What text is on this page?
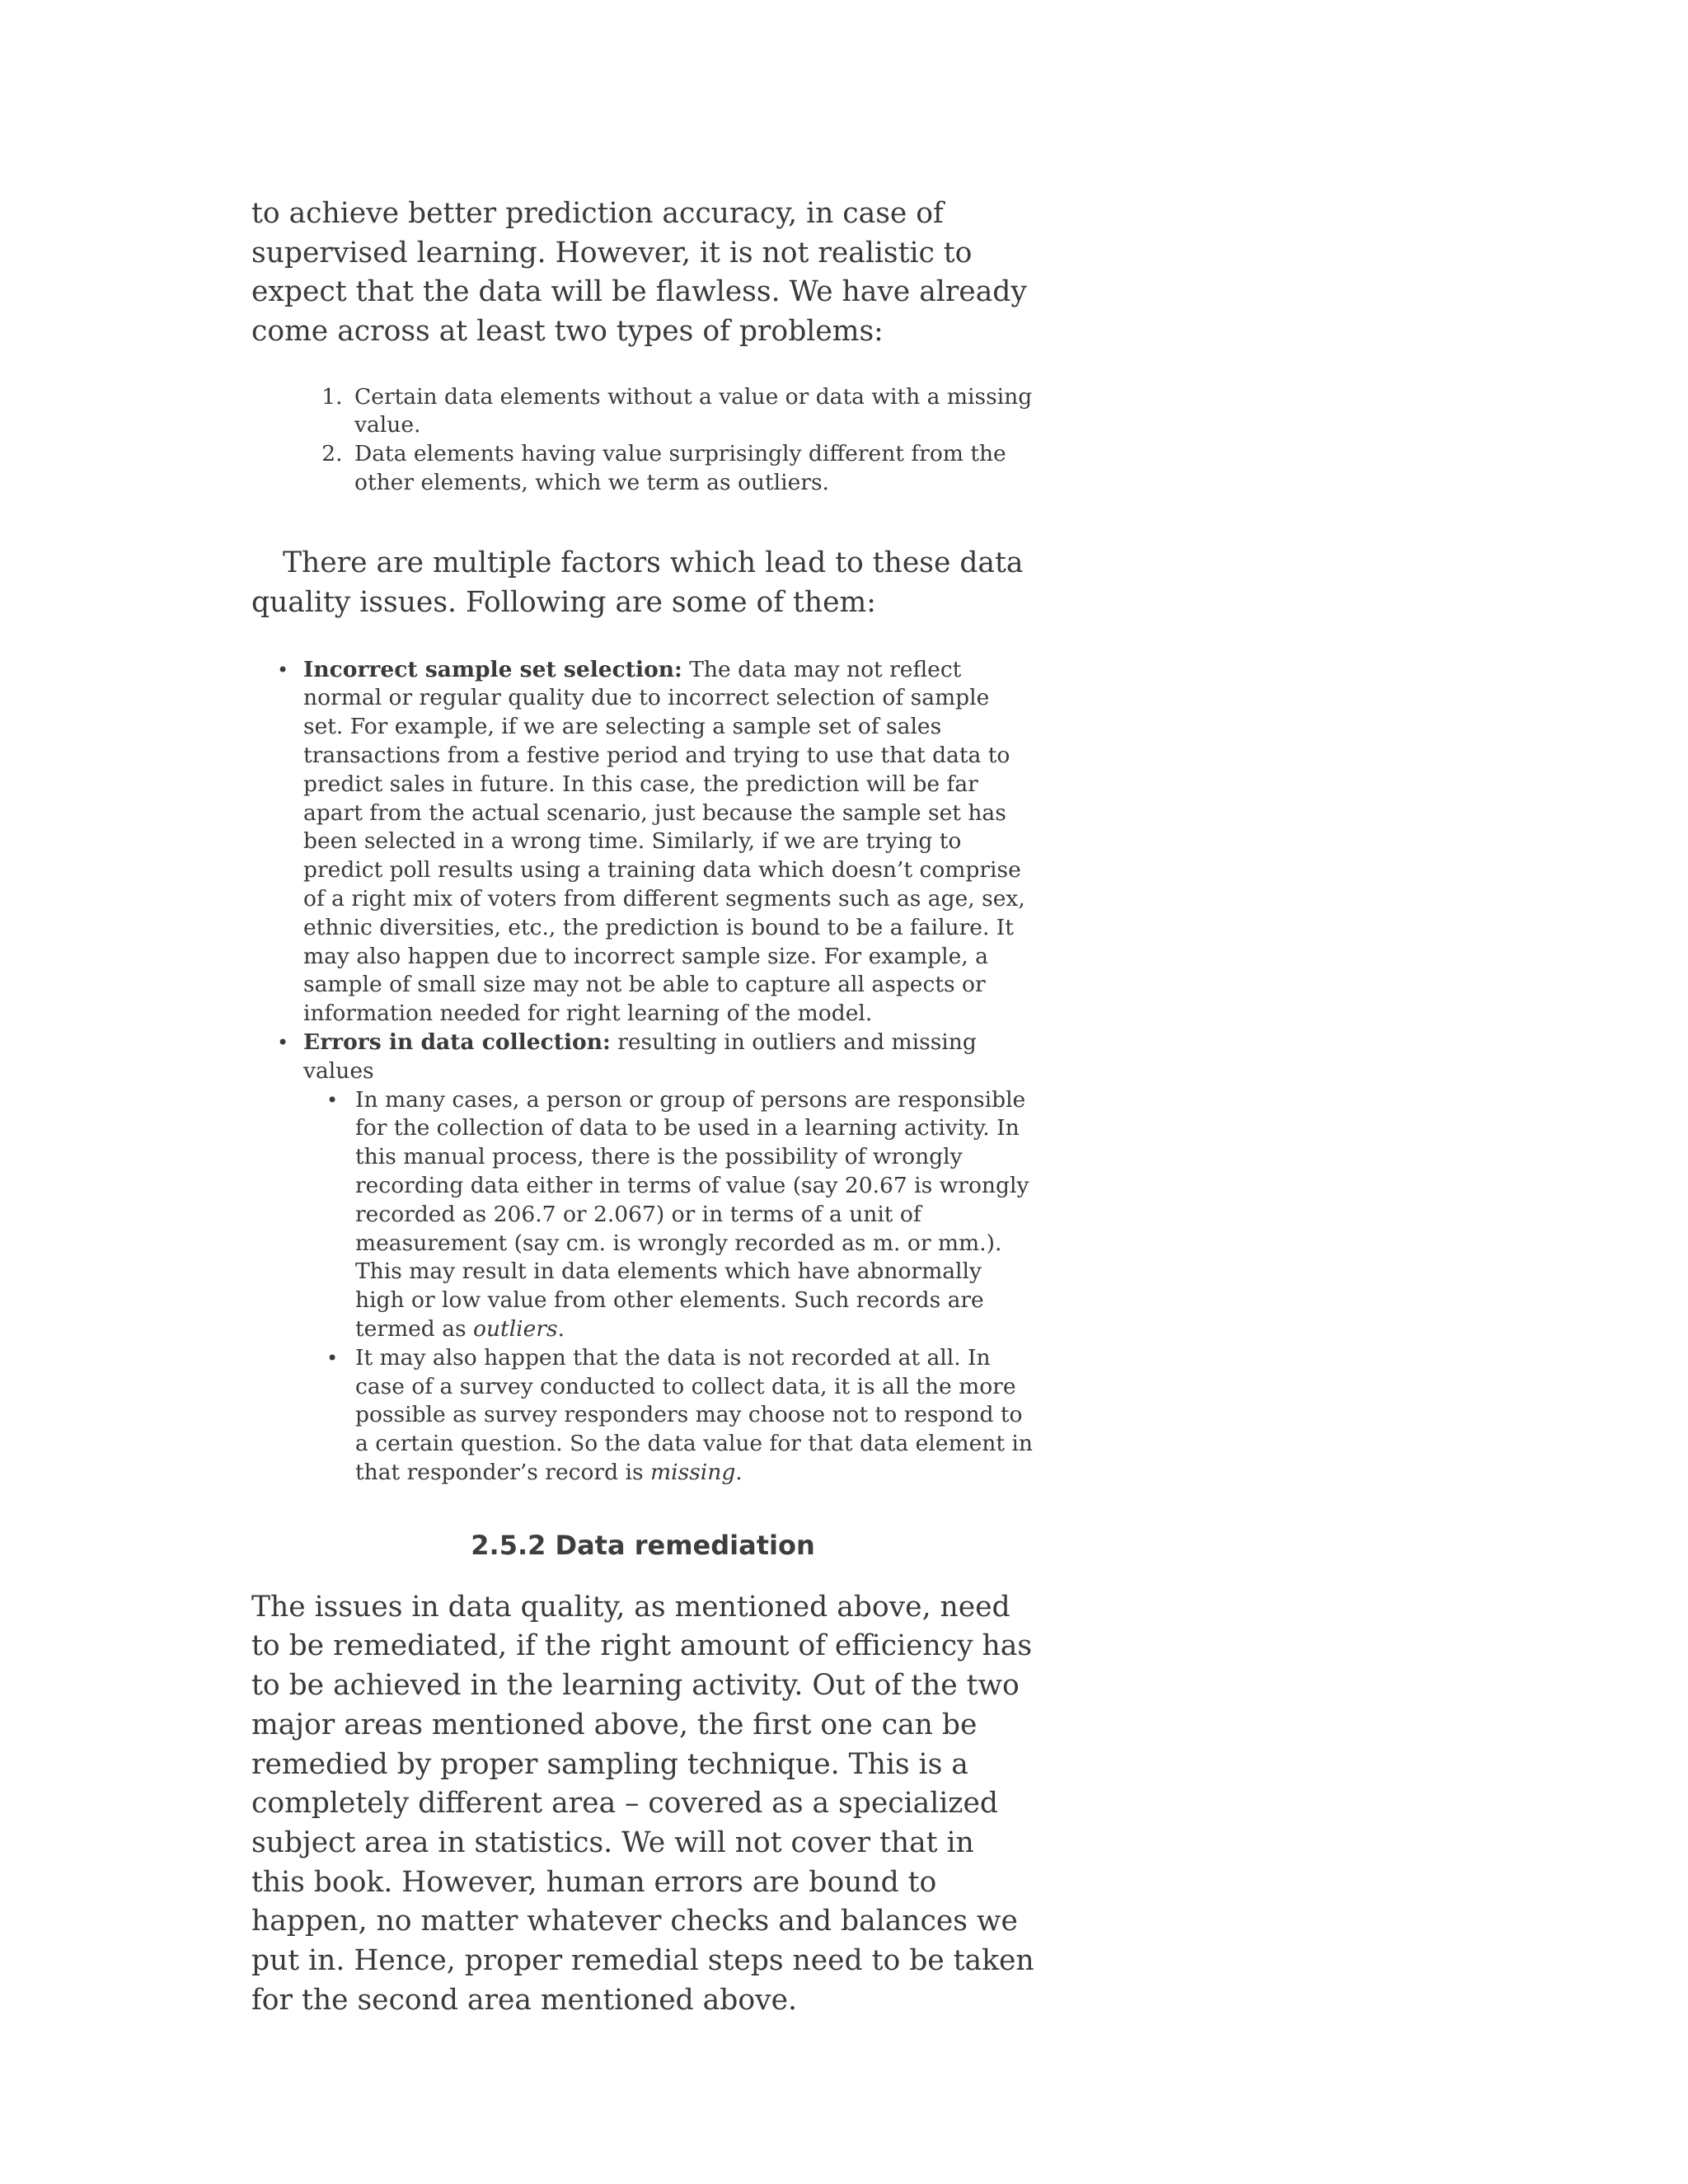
to achieve better prediction accuracy, in case of supervised learning. However, it is not realistic to expect that the data will be flawless. We have already come across at least two types of problems:

1. Certain data elements without a value or data with a missing value.
2. Data elements having value surprisingly different from the other elements, which we term as outliers.

There are multiple factors which lead to these data quality issues. Following are some of them:

• Incorrect sample set selection: The data may not reflect normal or regular quality due to incorrect selection of sample set. For example, if we are selecting a sample set of sales transactions from a festive period and trying to use that data to predict sales in future. In this case, the prediction will be far apart from the actual scenario, just because the sample set has been selected in a wrong time. Similarly, if we are trying to predict poll results using a training data which doesn’t comprise of a right mix of voters from different segments such as age, sex, ethnic diversities, etc., the prediction is bound to be a failure. It may also happen due to incorrect sample size. For example, a sample of small size may not be able to capture all aspects or information needed for right learning of the model.
• Errors in data collection: resulting in outliers and missing values
• In many cases, a person or group of persons are responsible for the collection of data to be used in a learning activity. In this manual process, there is the possibility of wrongly recording data either in terms of value (say 20.67 is wrongly recorded as 206.7 or 2.067) or in terms of a unit of measurement (say cm. is wrongly recorded as m. or mm.). This may result in data elements which have abnormally high or low value from other elements. Such records are termed as outliers.
• It may also happen that the data is not recorded at all. In case of a survey conducted to collect data, it is all the more possible as survey responders may choose not to respond to a certain question. So the data value for that data element in that responder’s record is missing.
2.5.2 Data remediation

The issues in data quality, as mentioned above, need to be remediated, if the right amount of efficiency has to be achieved in the learning activity. Out of the two major areas mentioned above, the first one can be remedied by proper sampling technique. This is a completely different area – covered as a specialized subject area in statistics. We will not cover that in this book. However, human errors are bound to happen, no matter whatever checks and balances we put in. Hence, proper remedial steps need to be taken for the second area mentioned above.
